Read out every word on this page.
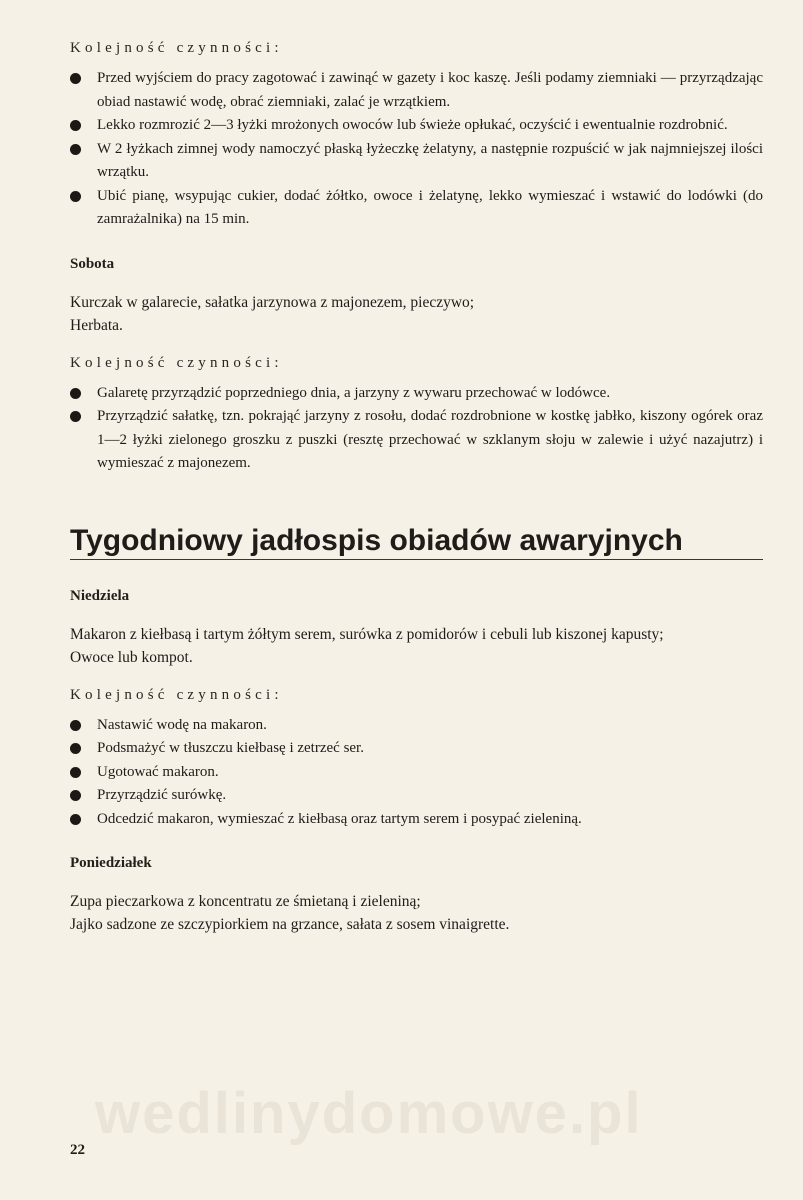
Kolejność czynności:

Przed wyjściem do pracy zagotować i zawinąć w gazety i koc kaszę. Jeśli podamy ziemniaki — przyrządzając obiad nastawić wodę, obrać ziemniaki, zalać je wrzątkiem.
Lekko rozmrozić 2—3 łyżki mrożonych owoców lub świeże opłukać, oczyścić i ewentualnie rozdrobnić.
W 2 łyżkach zimnej wody namoczyć płaską łyżeczkę żelatyny, a następnie rozpuścić w jak najmniejszej ilości wrzątku.
Ubić pianę, wsypując cukier, dodać żółtko, owoce i żelatynę, lekko wymieszać i wstawić do lodówki (do zamrażalnika) na 15 min.

Sobota

Kurczak w galarecie, sałatka jarzynowa z majonezem, pieczywo;

Herbata.

Kolejność czynności:

Galaretę przyrządzić poprzedniego dnia, a jarzyny z wywaru przechować w lodówce.
Przyrządzić sałatkę, tzn. pokrająć jarzyny z rosołu, dodać rozdrobnione w kostkę jabłko, kiszony ogórek oraz 1—2 łyżki zielonego groszku z puszki (resztę przechować w szklanym słoju w zalewie i użyć nazajutrz) i wymieszać z majonezem.
Tygodniowy jadłospis obiadów awaryjnych

Niedziela

Makaron z kiełbasą i tartym żółtym serem, surówka z pomidorów i cebuli lub kiszonej kapusty;

Owoce lub kompot.

Kolejność czynności:

Nastawić wodę na makaron.
Podsmażyć w tłuszczu kiełbasę i zetrzeć ser.
Ugotować makaron.
Przyrządzić surówkę.
Odcedzić makaron, wymieszać z kiełbasą oraz tartym serem i posypać zieleniną.

Poniedziałek

Zupa pieczarkowa z koncentratu ze śmietaną i zieleniną;

Jajko sadzone ze szczypiorkiem na grzance, sałata z sosem vinaigrette.

wedlinydomowe.pl
22
